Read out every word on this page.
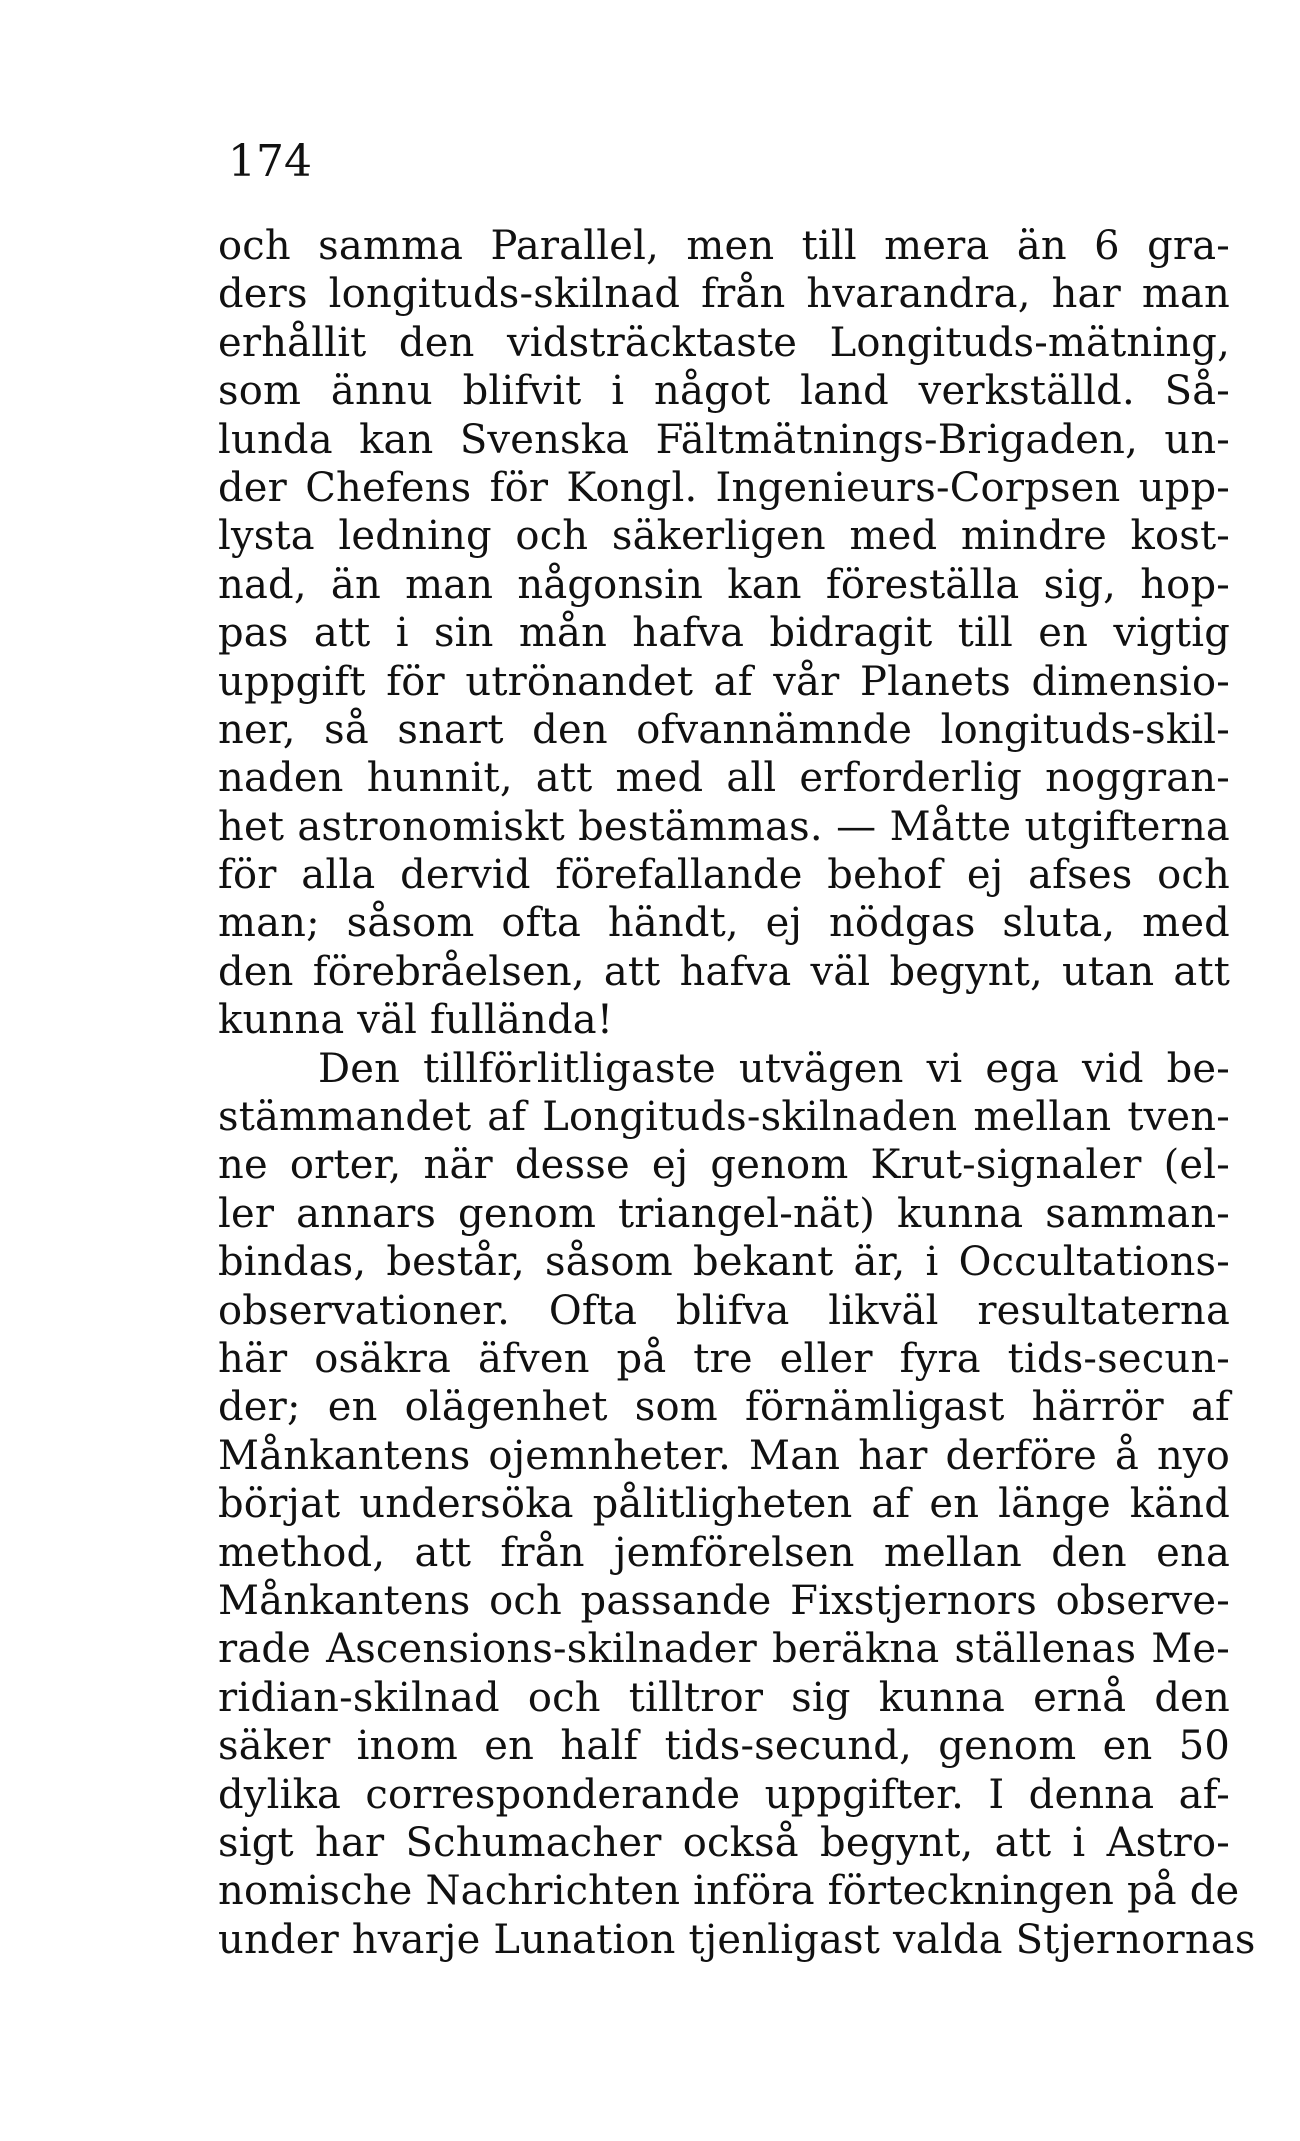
174
och samma Parallel, men till mera än 6 gra-
ders longituds-skilnad från hvarandra, har man
erhållit den vidsträcktaste Longituds-mätning,
som ännu blifvit i något land verkställd. Så-
lunda kan Svenska Fältmätnings-Brigaden, un-
der Chefens för Kongl. Ingenieurs-Corpsen upp-
lysta ledning och säkerligen med mindre kost-
nad, än man någonsin kan föreställa sig, hop-
pas att i sin mån hafva bidragit till en vigtig
uppgift för utrönandet af vår Planets dimensio-
ner, så snart den ofvannämnde longituds-skil-
naden hunnit, att med all erforderlig noggran-
het astronomiskt bestämmas. — Måtte utgifterna
för alla dervid förefallande behof ej afses och
man; såsom ofta händt, ej nödgas sluta, med
den förebråelsen, att hafva väl begynt, utan att
kunna väl fullända!
Den tillförlitligaste utvägen vi ega vid be-
stämmandet af Longituds-skilnaden mellan tven-
ne orter, när desse ej genom Krut-signaler (el-
ler annars genom triangel-nät) kunna samman-
bindas, består, såsom bekant är, i Occultations-
observationer. Ofta blifva likväl resultaterna
här osäkra äfven på tre eller fyra tids-secun-
der; en olägenhet som förnämligast härrör af
Månkantens ojemnheter. Man har derföre å nyo
börjat undersöka pålitligheten af en länge känd
method, att från jemförelsen mellan den ena
Månkantens och passande Fixstjernors observe-
rade Ascensions-skilnader beräkna ställenas Me-
ridian-skilnad och tilltror sig kunna ernå den
säker inom en half tids-secund, genom en 50
dylika corresponderande uppgifter. I denna af-
sigt har Schumacher också begynt, att i Astro-
nomische Nachrichten införa förteckningen på de
under hvarje Lunation tjenligast valda Stjernornas
